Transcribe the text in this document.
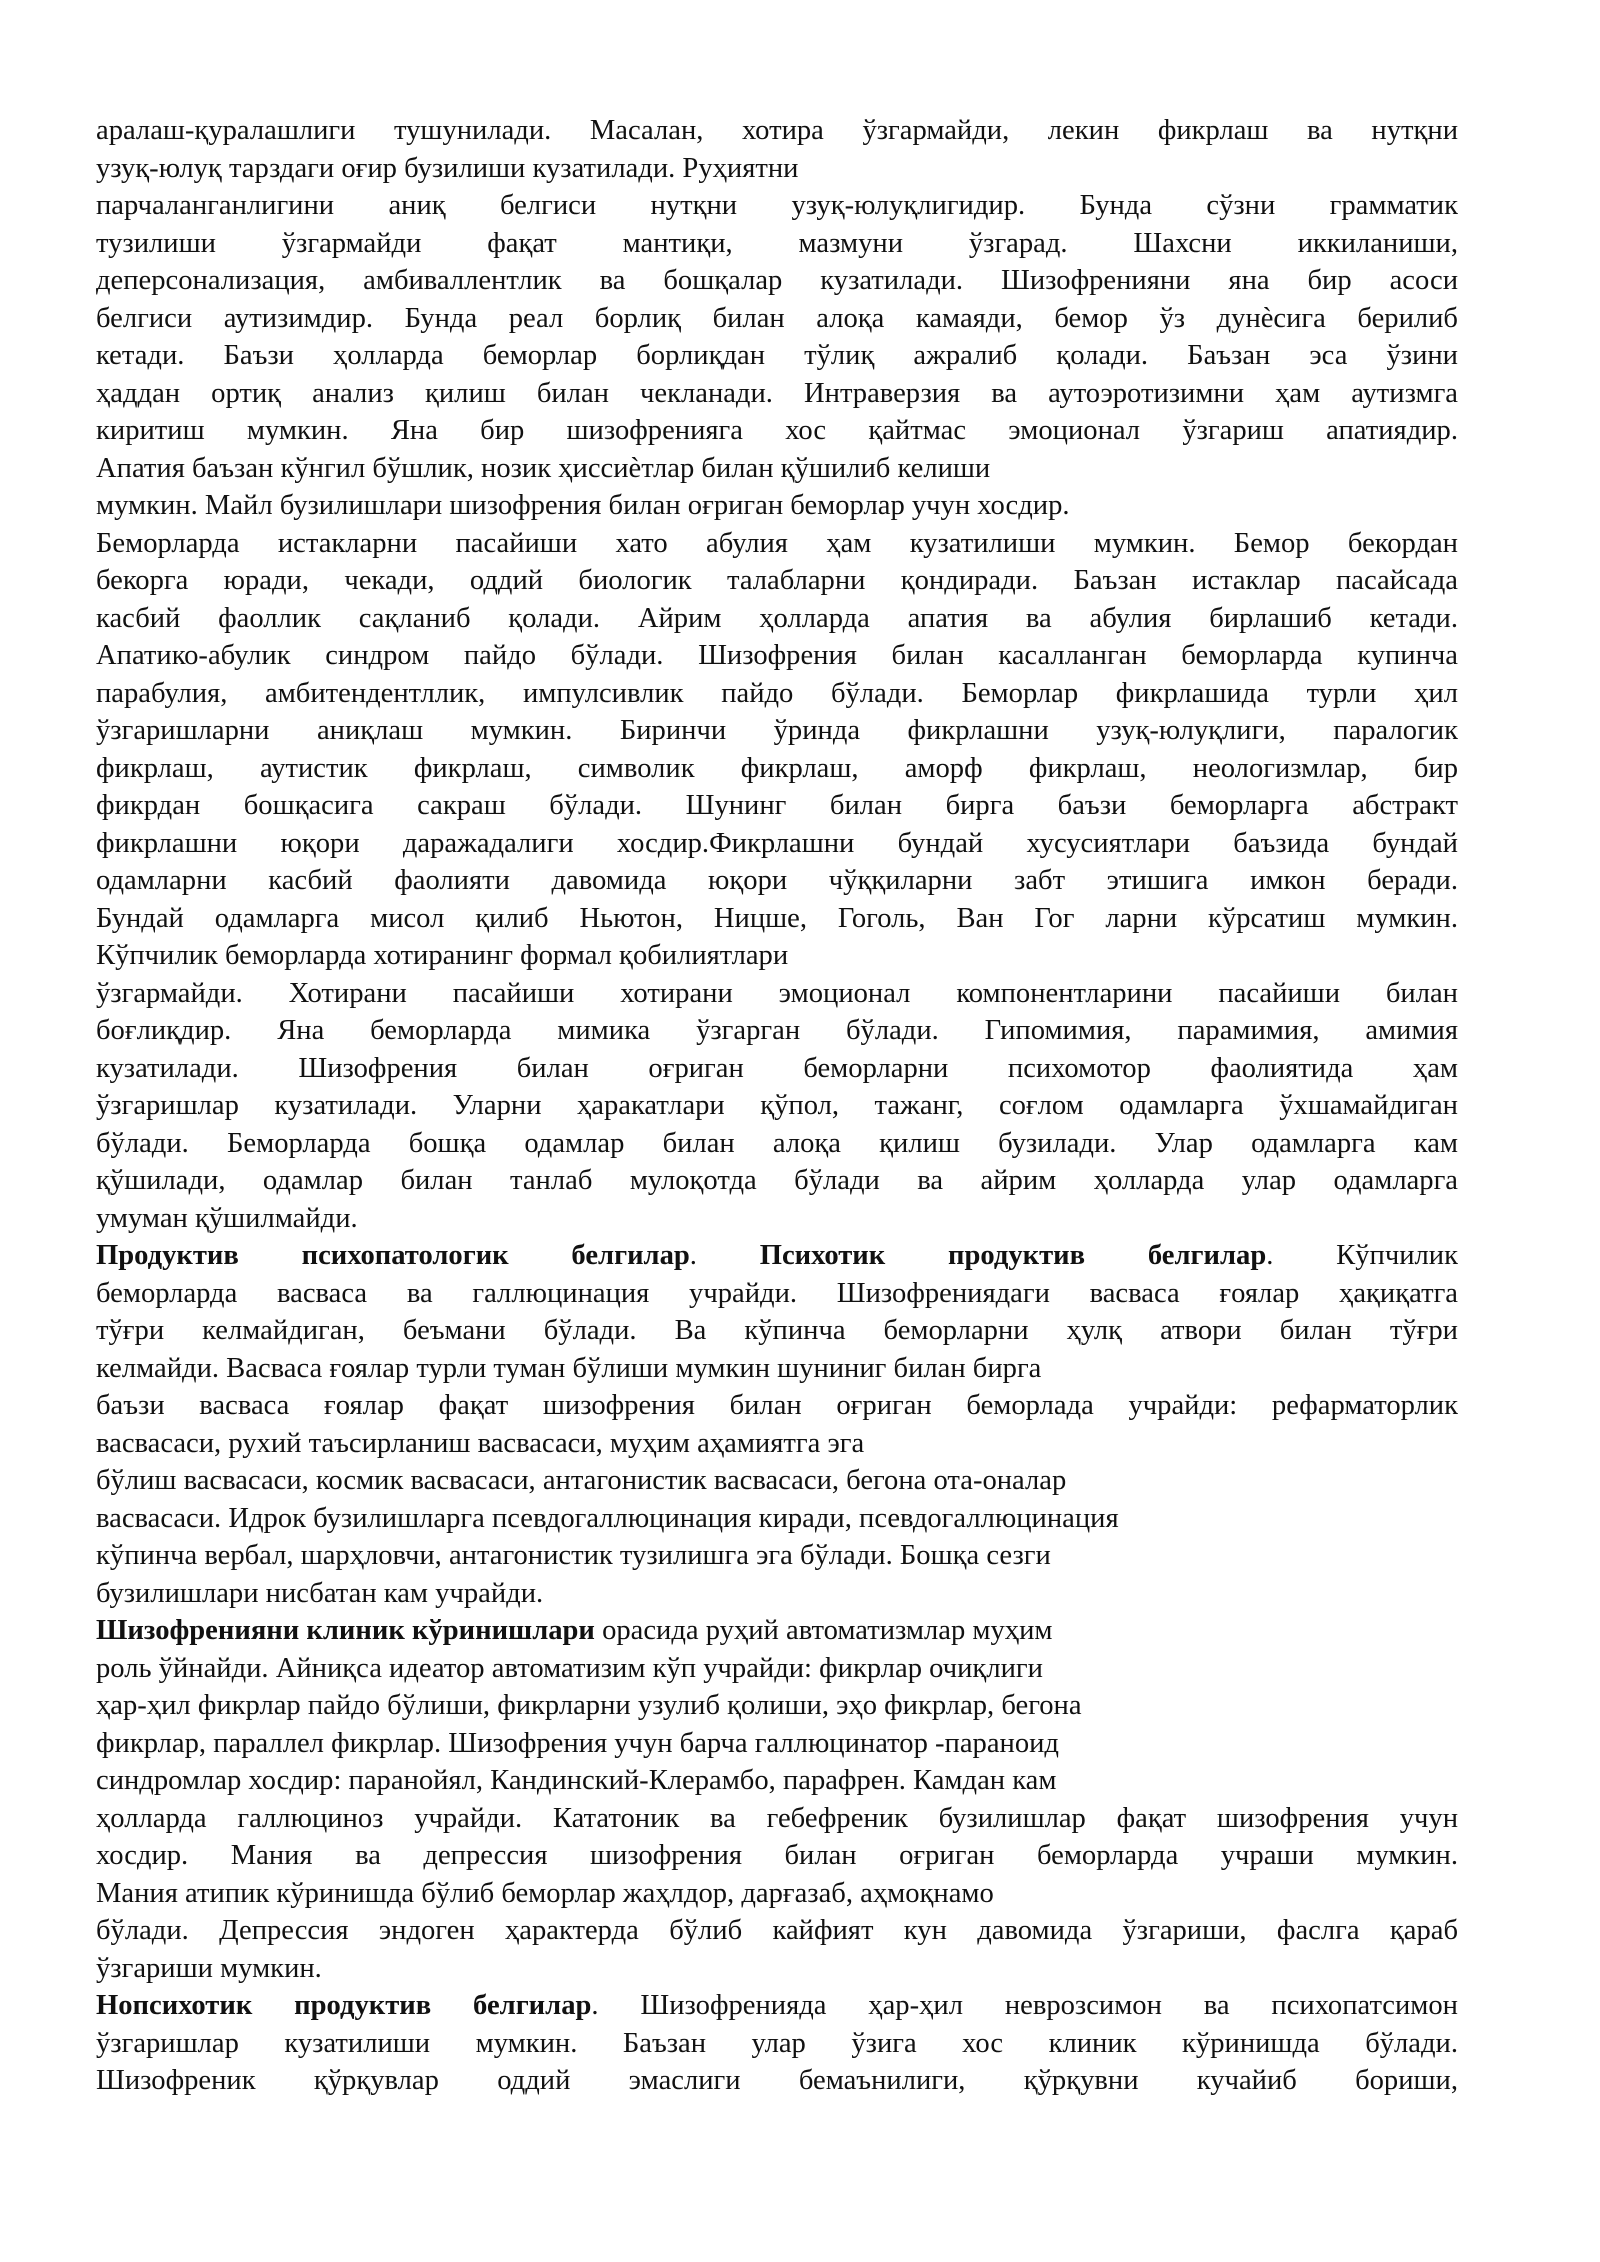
аралаш-қуралашлиги тушунилади. Масалан, хотира ўзгармайди, лекин фикрлаш ва нутқни
узуқ-юлуқ тарздаги оғир бузилиши кузатилади. Руҳиятни
парчаланганлигини аниқ белгиси нутқни узуқ-юлуқлигидир. Бунда сўзни грамматик
тузилиши ўзгармайди фақат мантиқи, мазмуни ўзгарад. Шахсни иккиланиши,
деперсонализация, амбиваллентлик ва бошқалар кузатилади. Шизофренияни яна бир асоси
белгиси аутизимдир. Бунда реал борлиқ билан алоқа камаяди, бемор ўз дунѐсига берилиб
кетади. Баъзи ҳолларда беморлар борлиқдан тўлиқ ажралиб қолади. Баъзан эса ўзини
ҳаддан ортиқ анализ қилиш билан чекланади. Интраверзия ва аутоэротизимни ҳам аутизмга
киритиш мумкин. Яна бир шизофренияга хос қайтмас эмоционал ўзгариш апатиядир.
Апатия баъзан кўнгил бўшлик, нозик ҳиссиѐтлар билан қўшилиб келиши
мумкин. Майл бузилишлари шизофрения билан оғриган беморлар учун хосдир.
Беморларда истакларни пасайиши хато абулия ҳам кузатилиши мумкин. Бемор бекордан
бекорга юради, чекади, оддий биологик талабларни қондиради. Баъзан истаклар пасайсада
касбий фаоллик сақланиб қолади. Айрим ҳолларда апатия ва абулия бирлашиб кетади.
Апатико-абулик синдром пайдо бўлади. Шизофрения билан касалланган беморларда купинча
парабулия, амбитендентллик, импулсивлик пайдо бўлади. Беморлар фикрлашида турли ҳил
ўзгаришларни аниқлаш мумкин. Биринчи ўринда фикрлашни узуқ-юлуқлиги, паралогик
фикрлаш, аутистик фикрлаш, символик фикрлаш, аморф фикрлаш, неологизмлар, бир
фикрдан бошқасига сакраш бўлади. Шунинг билан бирга баъзи беморларга абстракт
фикрлашни юқори даражадалиги хосдир.Фикрлашни бундай хусусиятлари баъзида бундай
одамларни касбий фаолияти давомида юқори чўққиларни забт этишига имкон беради.
Бундай одамларга мисол қилиб Ньютон, Ницше, Гоголь, Ван Гог ларни кўрсатиш мумкин.
Кўпчилик беморларда хотиранинг формал қобилиятлари
ўзгармайди. Хотирани пасайиши хотирани эмоционал компонентларини пасайиши билан
боғлиқдир. Яна беморларда мимика ўзгарган бўлади. Гипомимия, парамимия, амимия
кузатилади. Шизофрения билан оғриган беморларни психомотор фаолиятида ҳам
ўзгаришлар кузатилади. Уларни ҳаракатлари қўпол, тажанг, соғлом одамларга ўхшамайдиган
бўлади. Беморларда бошқа одамлар билан алоқа қилиш бузилади. Улар одамларга кам
қўшилади, одамлар билан танлаб мулоқотда бўлади ва айрим ҳолларда улар одамларга
умуман қўшилмайди.
Продуктив психопатологик белгилар. Психотик продуктив белгилар. Кўпчилик
беморларда васваса ва галлюцинация учрайди. Шизофрениядаги васваса ғоялар ҳақиқатга
тўғри келмайдиган, беъмани бўлади. Ва кўпинча беморларни ҳулқ атвори билан тўғри
келмайди. Васваса ғоялар турли туман бўлиши мумкин шуниниг билан бирга
баъзи васваса ғоялар фақат шизофрения билан оғриган беморлада учрайди: рефарматорлик
васвасаси, рухий таъсирланиш васвасаси, муҳим аҳамиятга эга
бўлиш васвасаси, космик васвасаси, антагонистик васвасаси, бегона ота-оналар
васвасаси. Идрок бузилишларга псевдогаллюцинация киради, псевдогаллюцинация
кўпинча вербал, шарҳловчи, антагонистик тузилишга эга бўлади. Бошқа сезги
бузилишлари нисбатан кам учрайди.
Шизофренияни клиник кўринишлари орасида руҳий автоматизмлар муҳим
роль ўйнайди. Айниқса идеатор автоматизим кўп учрайди: фикрлар очиқлиги
ҳар-ҳил фикрлар пайдо бўлиши, фикрларни узулиб қолиши, эҳо фикрлар, бегона
фикрлар, параллел фикрлар. Шизофрения учун барча галлюцинатор -параноид
синдромлар хосдир: паранойял, Кандинский-Клерамбо, парафрен. Камдан кам
ҳолларда галлюциноз учрайди. Кататоник ва гебефреник бузилишлар фақат шизофрения учун
хосдир. Мания ва депрессия шизофрения билан оғриган беморларда учраши мумкин.
Мания атипик кўринишда бўлиб беморлар жаҳлдор, дарғазаб, аҳмоқнамо
бўлади. Депрессия эндоген ҳарактерда бўлиб кайфият кун давомида ўзгариши, фаслга қараб
ўзгариши мумкин.
Нопсихотик продуктив белгилар. Шизофренияда ҳар-ҳил неврозсимон ва психопатсимон
ўзгаришлар кузатилиши мумкин. Баъзан улар ўзига хос клиник кўринишда бўлади.
Шизофреник қўрқувлар оддий эмаслиги бемаънилиги, қўрқувни кучайиб бориши,
